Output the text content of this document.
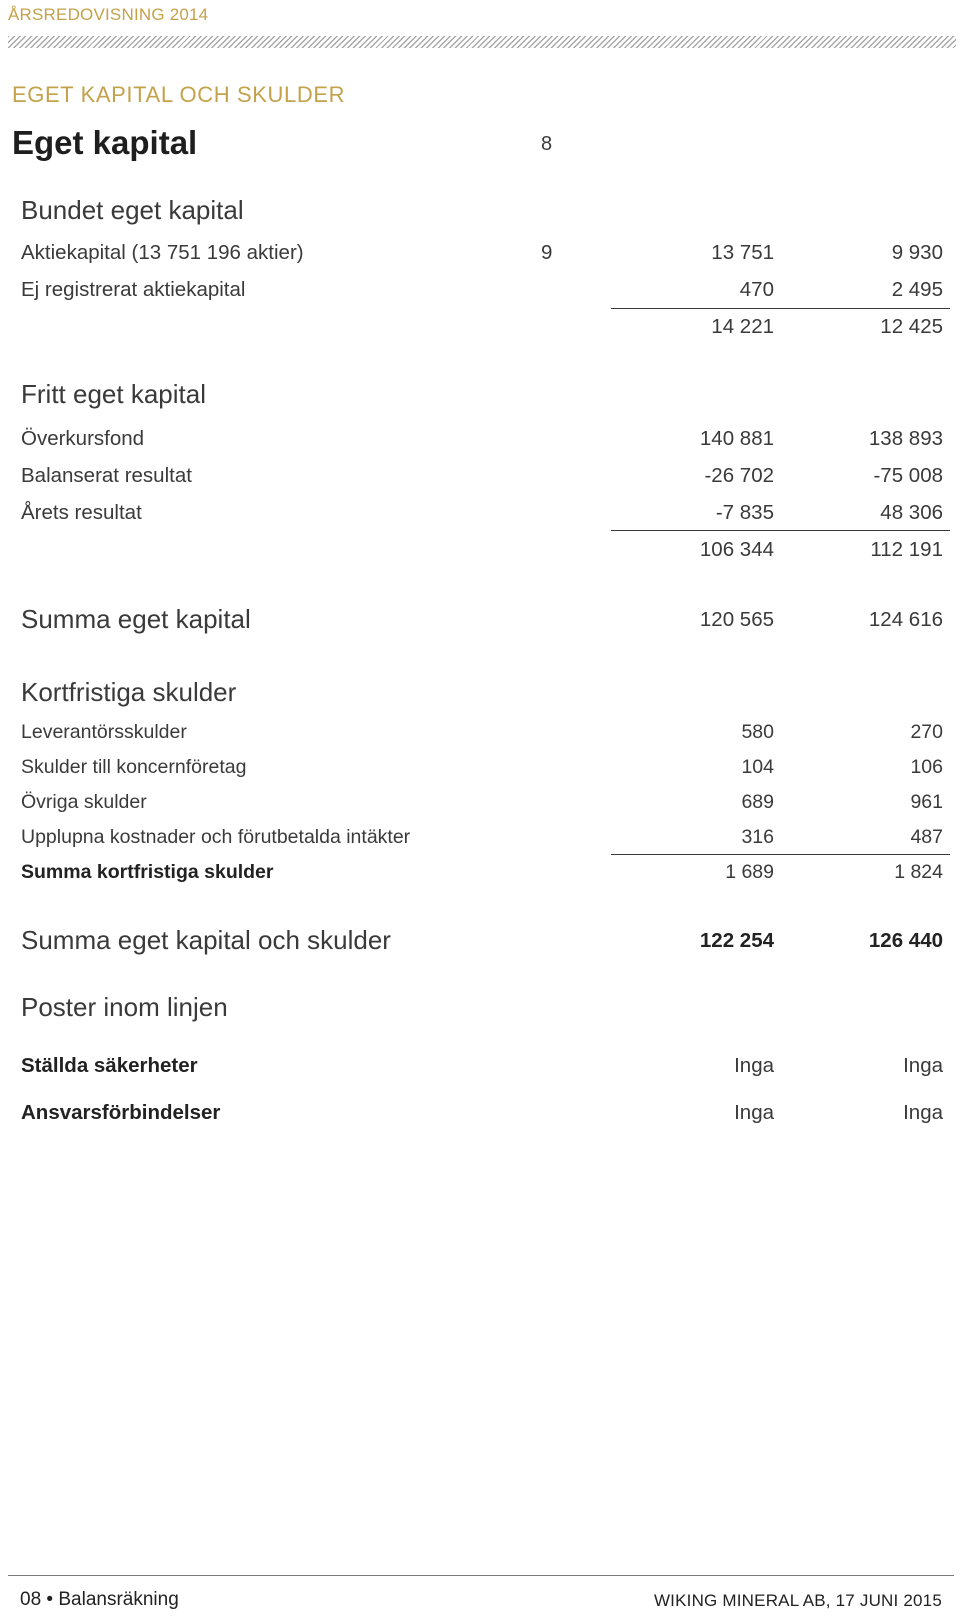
ÅRSREDOVISNING 2014
EGET KAPITAL OCH SKULDER
Eget kapital	8
Bundet eget kapital
Aktiekapital (13 751 196 aktier)	9	13 751	9 930
Ej registrerat aktiekapital	470	2 495
14 221	12 425
Fritt eget kapital
Överkursfond	140 881	138 893
Balanserat resultat	-26 702	-75 008
Årets resultat	-7 835	48 306
106 344	112 191
Summa eget kapital	120 565	124 616
Kortfristiga skulder
Leverantörsskulder	580	270
Skulder till koncernföretag	104	106
Övriga skulder	689	961
Upplupna kostnader och förutbetalda intäkter	316	487
Summa kortfristiga skulder	1 689	1 824
Summa eget kapital och skulder	122 254	126 440
Poster inom linjen
Ställda säkerheter	Inga	Inga
Ansvarsförbindelser	Inga	Inga
08 • Balansräkning	WIKING MINERAL AB, 17 JUNI 2015
